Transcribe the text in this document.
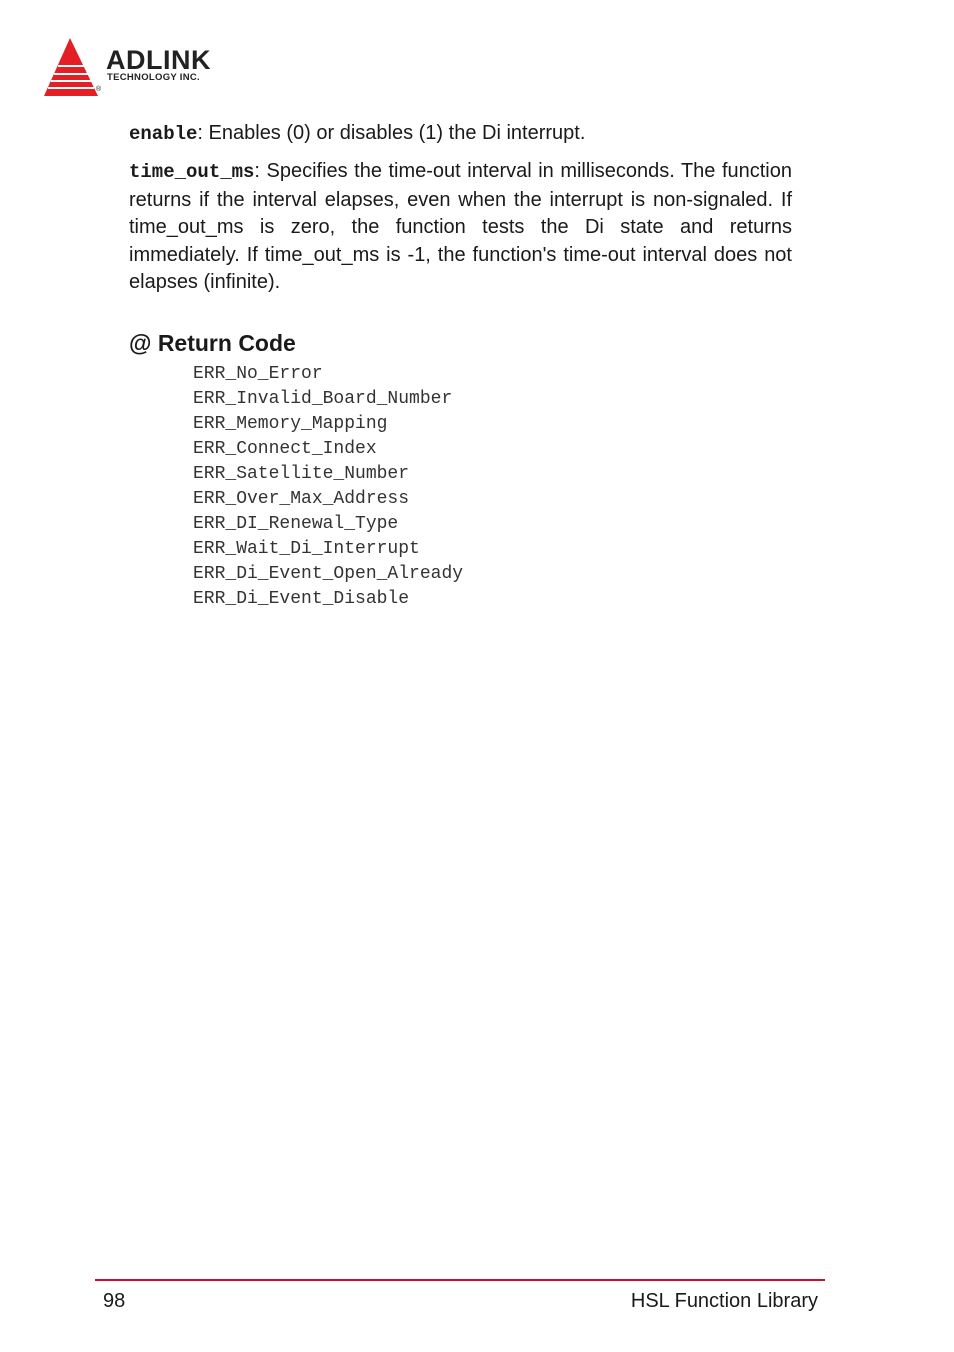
ADLINK
TECHNOLOGY INC.
®

enable: Enables (0) or disables (1) the Di interrupt.

time_out_ms: Specifies the time-out interval in milliseconds. The function returns if the interval elapses, even when the interrupt is non-signaled. If time_out_ms is zero, the function tests the Di state and returns immediately. If time_out_ms is -1, the function's time-out interval does not elapses (infinite).

@ Return Code
ERR_No_Error
ERR_Invalid_Board_Number
ERR_Memory_Mapping
ERR_Connect_Index
ERR_Satellite_Number
ERR_Over_Max_Address
ERR_DI_Renewal_Type
ERR_Wait_Di_Interrupt
ERR_Di_Event_Open_Already
ERR_Di_Event_Disable
98	HSL Function Library
